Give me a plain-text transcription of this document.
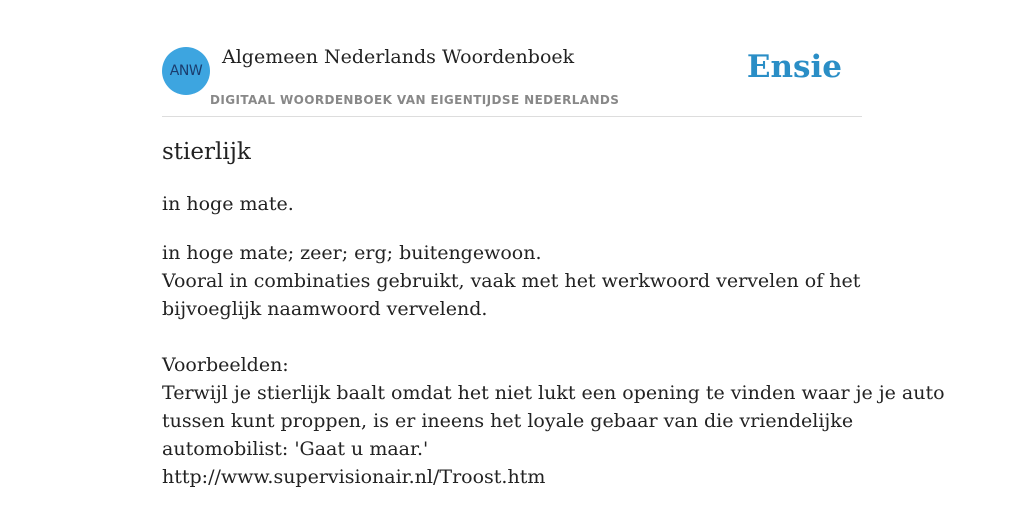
ANW
Algemeen Nederlands Woordenboek
DIGITAAL WOORDENBOEK VAN EIGENTIJDSE NEDERLANDS
Ensie
stierlijk
in hoge mate.
in hoge mate; zeer; erg; buitengewoon.
Vooral in combinaties gebruikt, vaak met het werkwoord vervelen of het
bijvoeglijk naamwoord vervelend.
Voorbeelden:
Terwijl je stierlijk baalt omdat het niet lukt een opening te vinden waar je je auto
tussen kunt proppen, is er ineens het loyale gebaar van die vriendelijke
automobilist: 'Gaat u maar.'
http://www.supervisionair.nl/Troost.htm
